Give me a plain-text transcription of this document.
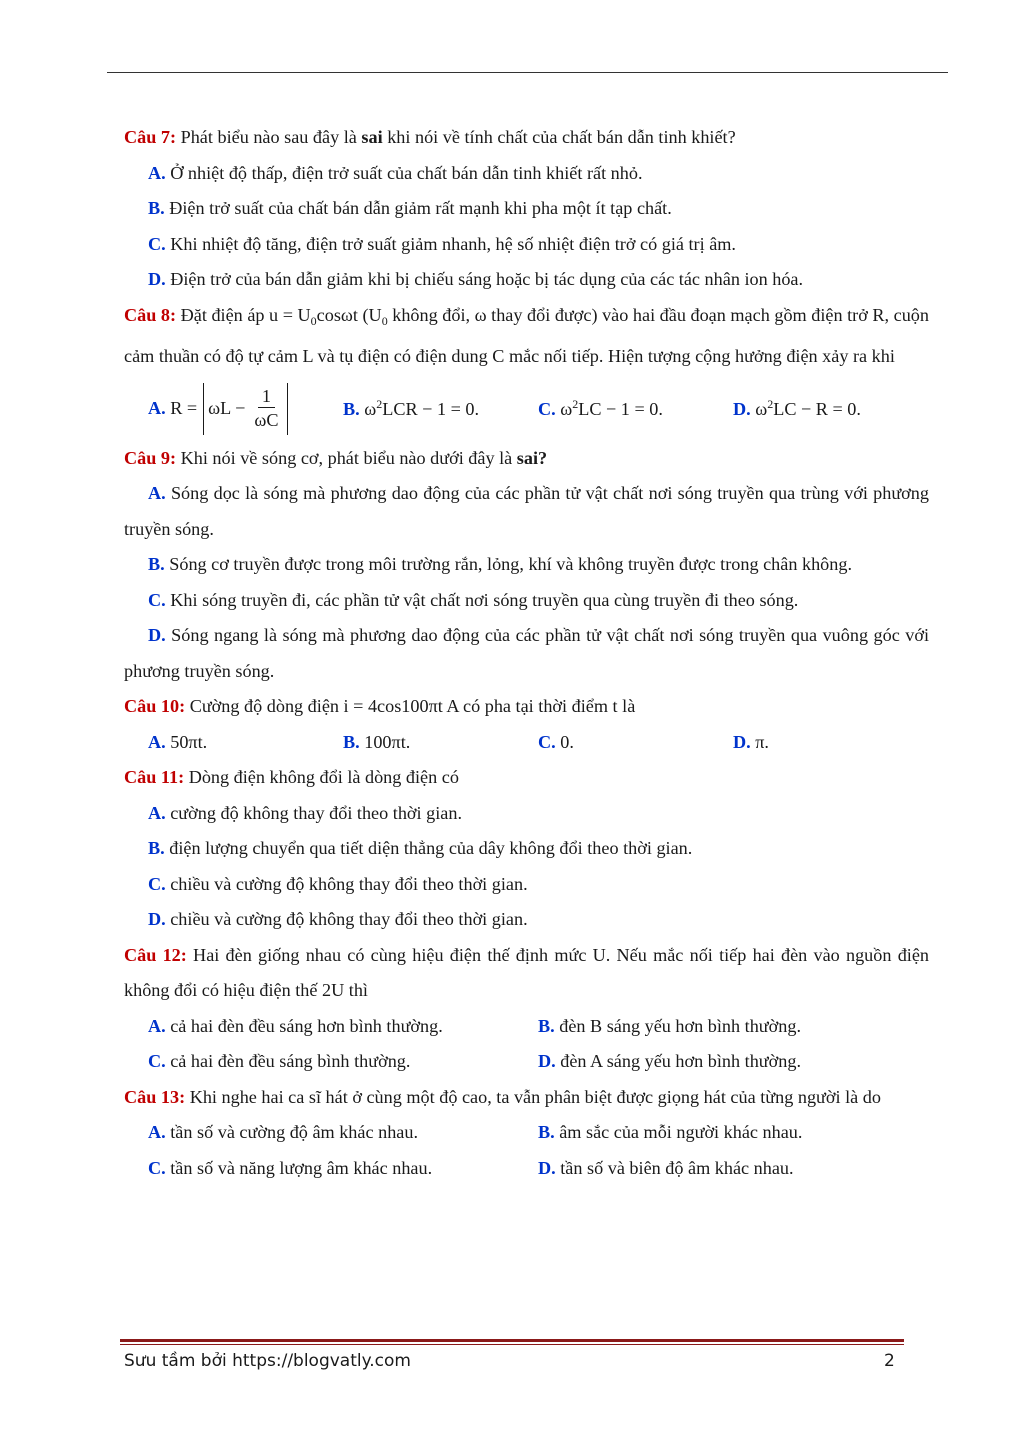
Câu 7: Phát biểu nào sau đây là sai khi nói về tính chất của chất bán dẫn tinh khiết?
A. Ở nhiệt độ thấp, điện trở suất của chất bán dẫn tinh khiết rất nhỏ.
B. Điện trở suất của chất bán dẫn giảm rất mạnh khi pha một ít tạp chất.
C. Khi nhiệt độ tăng, điện trở suất giảm nhanh, hệ số nhiệt điện trở có giá trị âm.
D. Điện trở của bán dẫn giảm khi bị chiếu sáng hoặc bị tác dụng của các tác nhân ion hóa.
Câu 8: Đặt điện áp $u = U_0\cos\omega t$ ($U_0$ không đổi, ω thay đổi được) vào hai đầu đoạn mạch gồm điện trở R, cuộn cảm thuần có độ tự cảm L và tụ điện có điện dung C mắc nối tiếp. Hiện tượng cộng hưởng điện xảy ra khi
A.
$R = \omega L - \frac{1}{\omega C}$	B. $\omega^2LCR - 1 = 0$.	C. $\omega^2LC - 1 = 0$.	D. $\omega^2LC - R = 0$.
Câu 9: Khi nói về sóng cơ, phát biểu nào dưới đây là sai?
A. Sóng dọc là sóng mà phương dao động của các phần tử vật chất nơi sóng truyền qua trùng với phương truyền sóng.
B. Sóng cơ truyền được trong môi trường rắn, lỏng, khí và không truyền được trong chân không.
C. Khi sóng truyền đi, các phần tử vật chất nơi sóng truyền qua cùng truyền đi theo sóng.
D. Sóng ngang là sóng mà phương dao động của các phần tử vật chất nơi sóng truyền qua vuông góc với phương truyền sóng.
Câu 10: Cường độ dòng điện i = 4cos100πt A có pha tại thời điểm t là
A. 50πt.	B. 100πt.	C. 0.	D. π.
Câu 11: Dòng điện không đổi là dòng điện có
A. cường độ không thay đổi theo thời gian.
B. điện lượng chuyển qua tiết diện thẳng của dây không đổi theo thời gian.
C. chiều và cường độ không thay đổi theo thời gian.
D. chiều và cường độ không thay đổi theo thời gian.
Câu 12: Hai đèn giống nhau có cùng hiệu điện thế định mức U. Nếu mắc nối tiếp hai đèn vào nguồn điện không đổi có hiệu điện thế 2U thì
A. cả hai đèn đều sáng hơn bình thường.	B. đèn B sáng yếu hơn bình thường.
C. cả hai đèn đều sáng bình thường.	D. đèn A sáng yếu hơn bình thường.
Câu 13: Khi nghe hai ca sĩ hát ở cùng một độ cao, ta vẫn phân biệt được giọng hát của từng người là do
A. tần số và cường độ âm khác nhau.	B. âm sắc của mỗi người khác nhau.
C. tần số và năng lượng âm khác nhau.	D. tần số và biên độ âm khác nhau.
Sưu tầm bởi https://blogvatly.com	2
